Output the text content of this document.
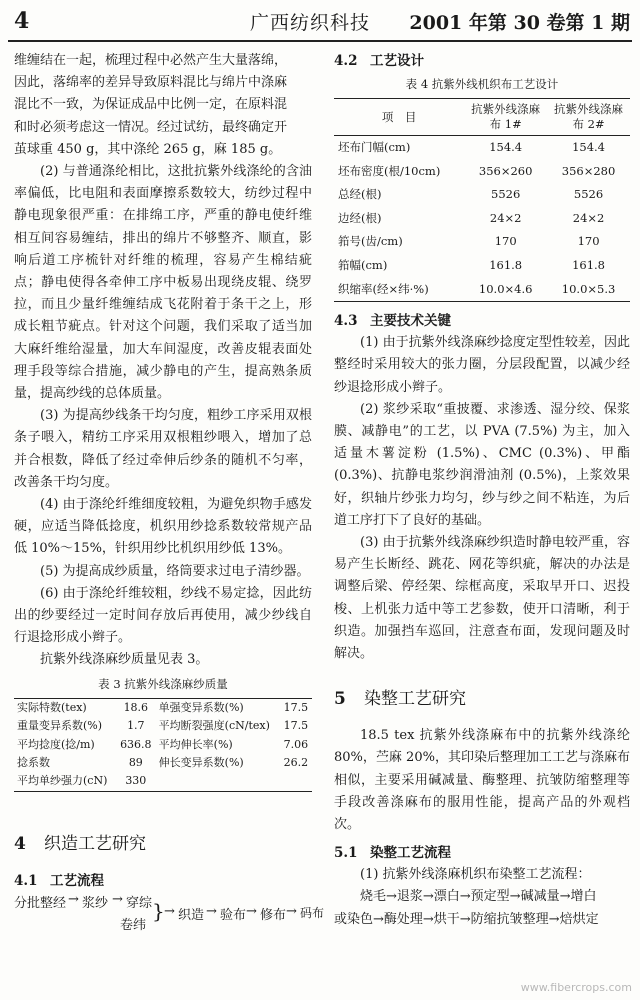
4	广西纺织科技 2001 年第 30 卷第 1 期
维缠结在一起，梳理过程中必然产生大量落绵，
因此，落绵率的差异导致原料混比与绵片中涤麻
混比不一致，为保证成品中比例一定，在原料混
和时必须考虑这一情况。经过试纺，最终确定开
茧球重 450 g，其中涤纶 265 g，麻 185 g。

(2) 与普通涤纶相比，这批抗紫外线涤纶的含油率偏低，比电阻和表面摩擦系数较大，纺纱过程中静电现象很严重：在排绵工序，严重的静电使纤维相互间容易缠结，排出的绵片不够整齐、顺直，影响后道工序梳针对纤维的梳理，容易产生棉结疵点；静电使得各牵伸工序中板易出现绕皮辊、绕罗拉，而且少量纤维缠结成飞花附着于条干之上，形成长粗节疵点。针对这个问题，我们采取了适当加大麻纤维给湿量，加大车间湿度，改善皮辊表面处理手段等综合措施，减少静电的产生，提高熟条质量，提高纱线的总体质量。

(3) 为提高纱线条干均匀度，粗纱工序采用双根条子喂入，精纺工序采用双根粗纱喂入，增加了总并合根数，降低了经过牵伸后纱条的随机不匀率，改善条干均匀度。

(4) 由于涤纶纤维细度较粗，为避免织物手感发硬，应适当降低捻度，机织用纱捻系数较常规产品低 10%～15%，针织用纱比机织用纱低 13%。

(5) 为提高成纱质量，络筒要求过电子清纱器。

(6) 由于涤纶纤维较粗，纱线不易定捻，因此纺出的纱要经过一定时间存放后再使用，减少纱线自行退捻形成小辫子。

抗紫外线涤麻纱质量见表 3。

表 3 抗紫外线涤麻纱质量
实际特数(tex)	18.6	单强变异系数(%)	17.5
重量变异系数(%)	1.7	平均断裂强度(cN/tex)	17.5
平均捻度(捻/m)	636.8	平均伸长率(%)	7.06
捻系数	89	伸长变异系数(%)	26.2
平均单纱强力(cN)	330		
4 织造工艺研究
4.1 工艺流程
分批整经 → 浆纱 → 穿综 }
卷纬
→ 织造 → 验布 → 修布 → 码布
4.2 工艺设计
表 4 抗紫外线机织布工艺设计
项　目	抗紫外线涤麻布 1#	抗紫外线涤麻布 2#
坯布门幅(cm)	154.4	154.4
坯布密度(根/10cm)	356×260	356×280
总经(根)	5526	5526
边经(根)	24×2	24×2
筘号(齿/cm)	170	170
筘幅(cm)	161.8	161.8
织缩率(经×纬·%)	10.0×4.6	10.0×5.3
4.3 主要技术关键

(1) 由于抗紫外线涤麻纱捻度定型性较差，因此整经时采用较大的张力圈，分层段配置，以减少经纱退捻形成小辫子。

(2) 浆纱采取“重披覆、求渗透、湿分绞、保浆膜、减静电”的工艺，以 PVA (7.5%) 为主，加入适量木薯淀粉 (1.5%)、CMC (0.3%)、甲酯 (0.3%)、抗静电浆纱润滑油剂 (0.5%)，上浆效果好，织轴片纱张力均匀，纱与纱之间不粘连，为后道工序打下了良好的基础。

(3) 由于抗紫外线涤麻纱织造时静电较严重，容易产生长断经、跳花、网花等织疵，解决的办法是调整后梁、停经架、综框高度，采取早开口、迟投梭、上机张力适中等工艺参数，使开口清晰，利于织造。加强挡车巡回，注意查布面，发现问题及时解决。

5 染整工艺研究

18.5 tex 抗紫外线涤麻布中的抗紫外线涤纶 80%，苎麻 20%，其印染后整理加工工艺与涤麻布相似，主要采用碱减量、酶整理、抗皱防缩整理等手段改善涤麻布的服用性能，提高产品的外观档次。

5.1 染整工艺流程

(1) 抗紫外线涤麻机织布染整工艺流程：

烧毛→退浆→漂白→预定型→碱减量→增白

或染色→酶处理→烘干→防缩抗皱整理→焙烘定
www.fibercrops.com
